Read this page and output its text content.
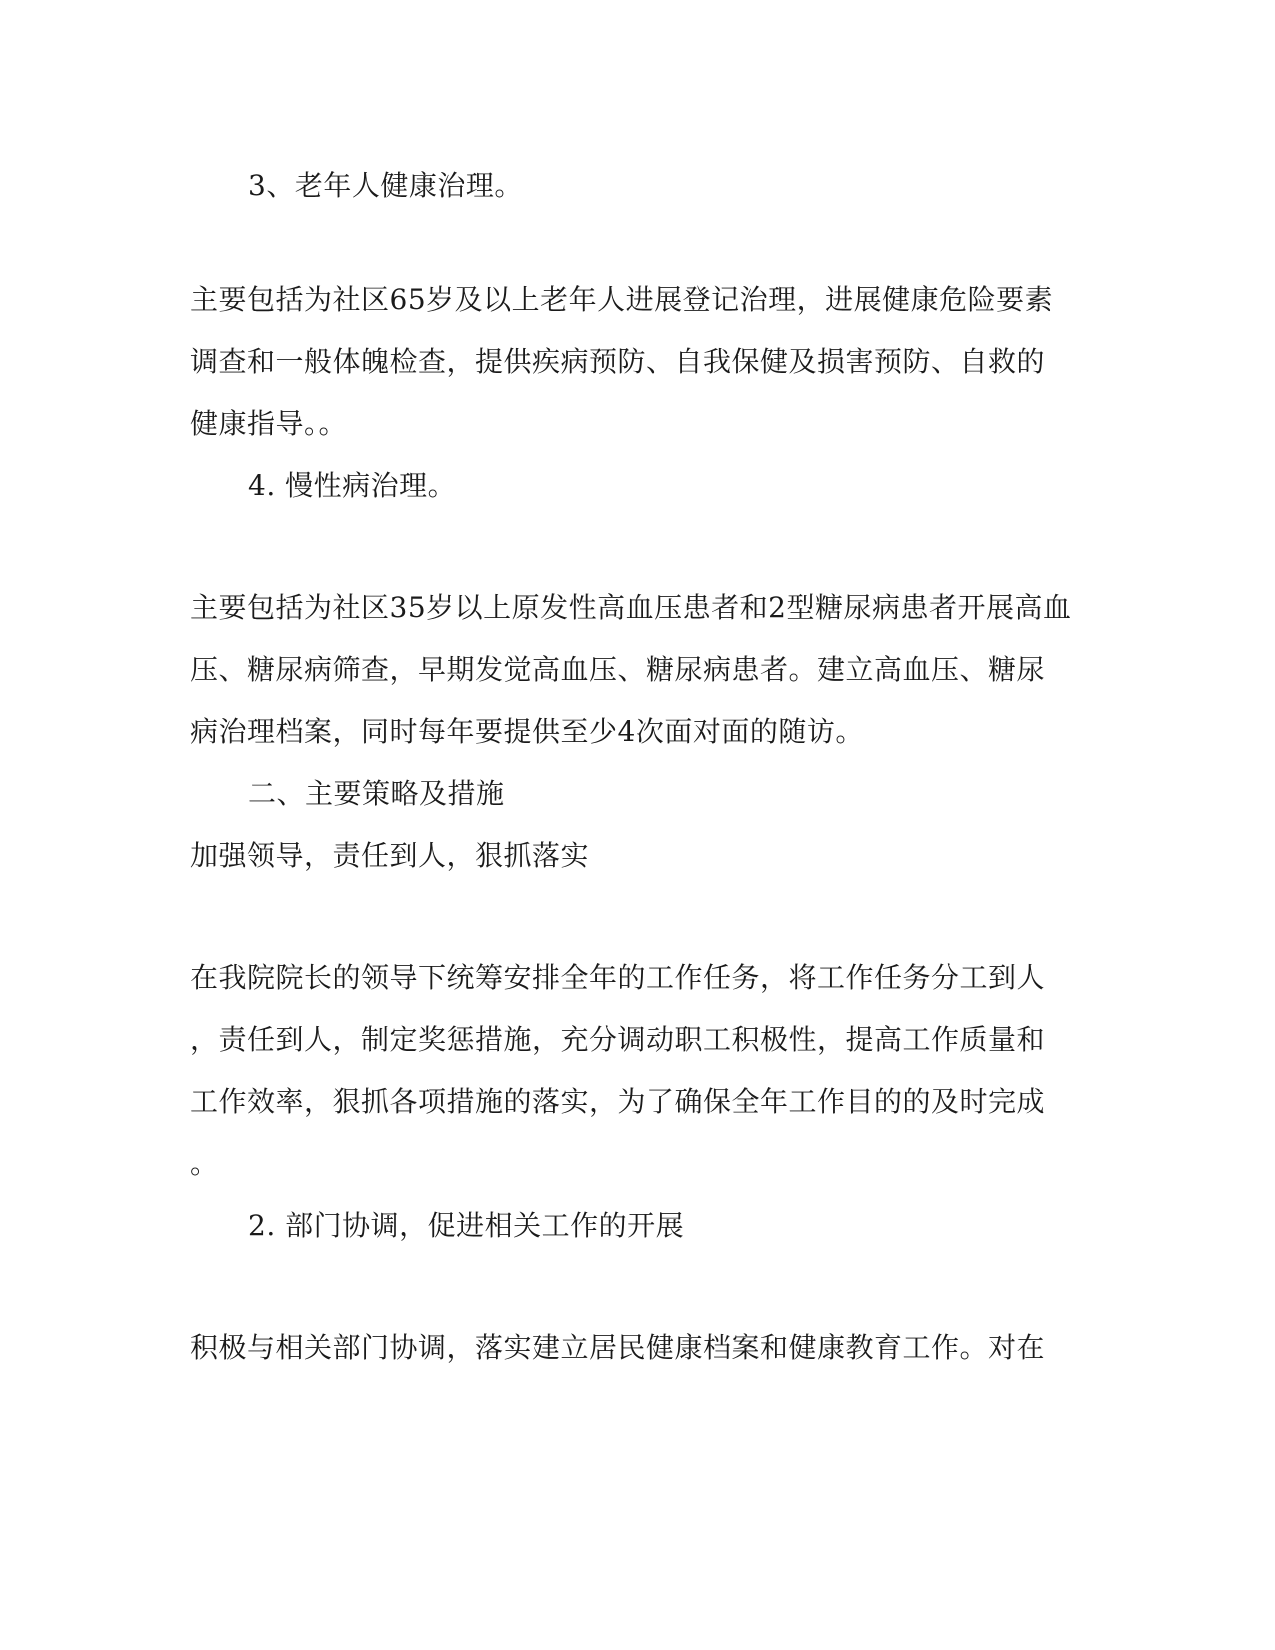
3、老年人健康治理。
主要包括为社区65岁及以上老年人进展登记治理，进展健康危险要素
调查和一般体魄检查，提供疾病预防、自我保健及损害预防、自救的
健康指导。。
4. 慢性病治理。
主要包括为社区35岁以上原发性高血压患者和2型糖尿病患者开展高血
压、糖尿病筛查，早期发觉高血压、糖尿病患者。建立高血压、糖尿
病治理档案，同时每年要提供至少4次面对面的随访。
二、主要策略及措施
加强领导，责任到人，狠抓落实
在我院院长的领导下统筹安排全年的工作任务，将工作任务分工到人
，责任到人，制定奖惩措施，充分调动职工积极性，提高工作质量和
工作效率，狠抓各项措施的落实，为了确保全年工作目的的及时完成
。
2. 部门协调，促进相关工作的开展
积极与相关部门协调，落实建立居民健康档案和健康教育工作。对在
